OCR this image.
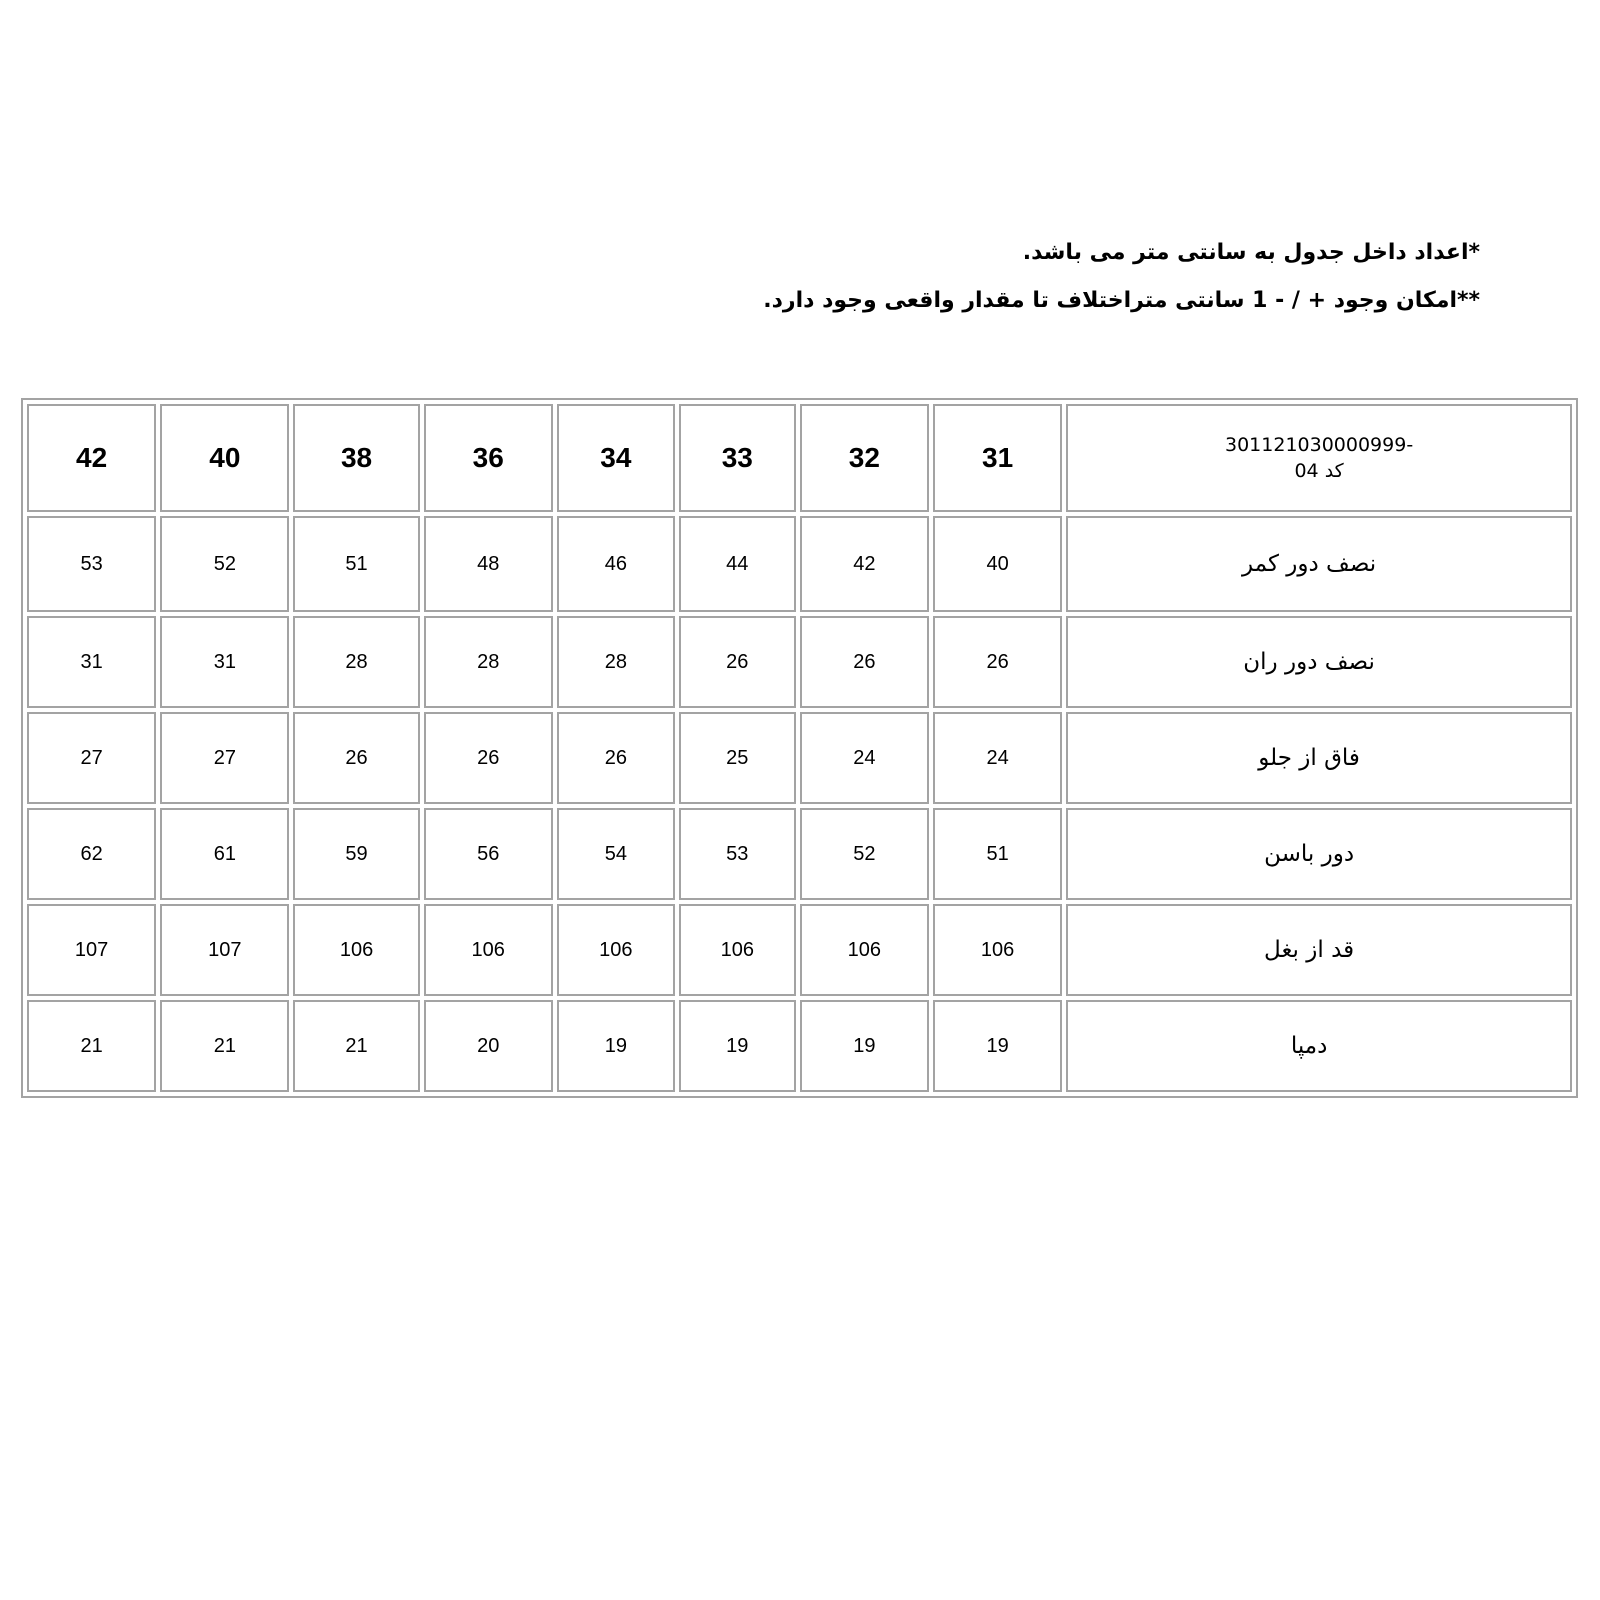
*اعداد داخل جدول به سانتی متر می باشد.
**امکان وجود + / - 1 سانتی متراختلاف تا مقدار واقعی وجود دارد.
42	40	38	36	34	33	32	31	301121030000999-
کد 04

53	52	51	48	46	44	42	40	نصف دور کمر
31	31	28	28	28	26	26	26	نصف دور ران
27	27	26	26	26	25	24	24	فاق از جلو
62	61	59	56	54	53	52	51	دور باسن
107	107	106	106	106	106	106	106	قد از بغل
21	21	21	20	19	19	19	19	دمپا
